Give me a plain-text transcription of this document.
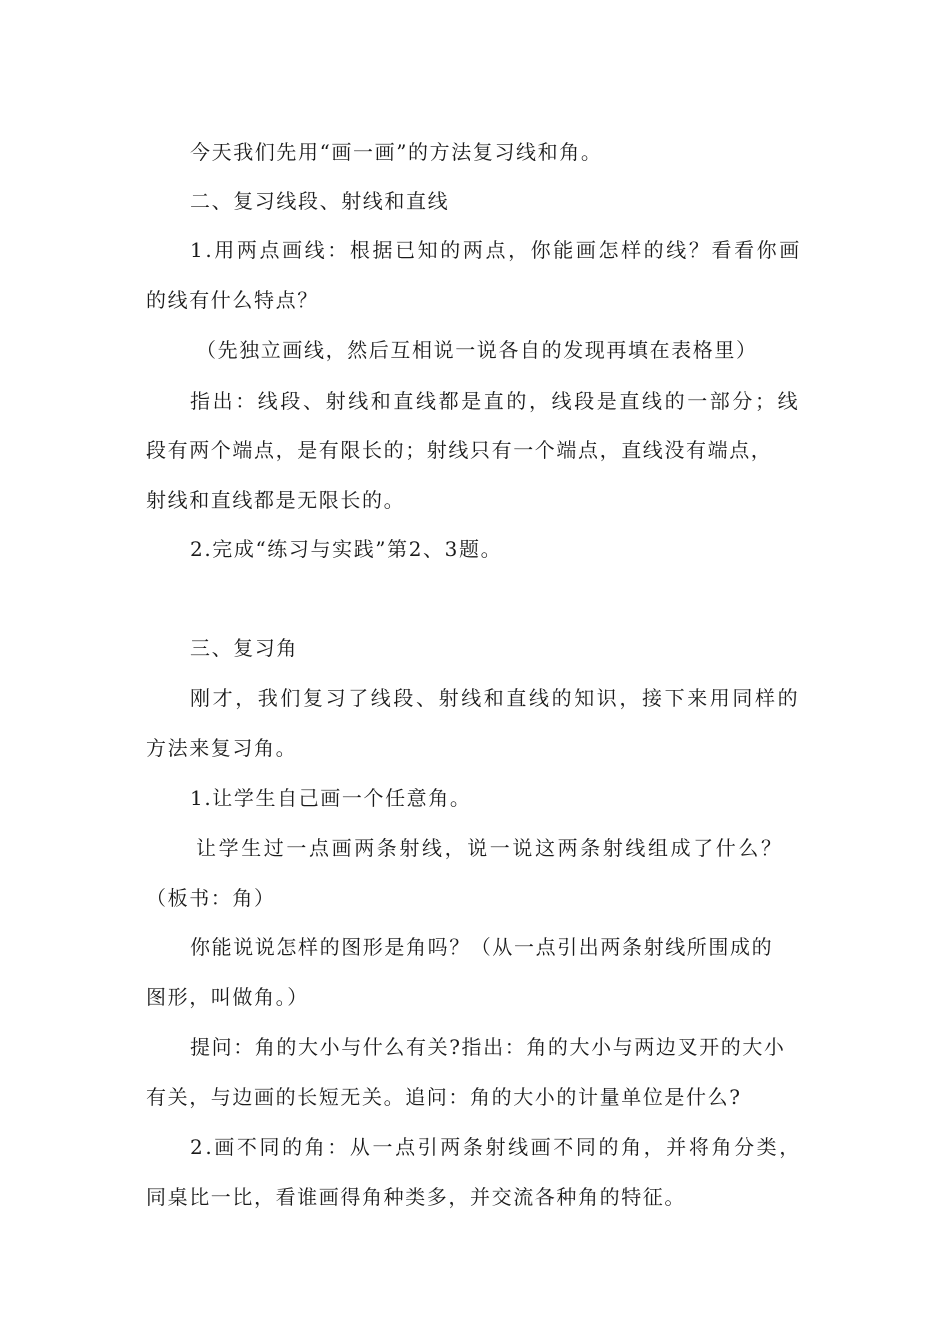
今天我们先用“画一画”的方法复习线和角。
二、复习线段、射线和直线
1.用两点画线：根据已知的两点，你能画怎样的线？看看你画
的线有什么特点？
（先独立画线，然后互相说一说各自的发现再填在表格里）
指出：线段、射线和直线都是直的，线段是直线的一部分；线
段有两个端点，是有限长的；射线只有一个端点，直线没有端点，
射线和直线都是无限长的。
2.完成“练习与实践”第2、3题。
三、复习角
刚才，我们复习了线段、射线和直线的知识，接下来用同样的
方法来复习角。
1.让学生自己画一个任意角。
让学生过一点画两条射线，说一说这两条射线组成了什么？
（板书：角）
你能说说怎样的图形是角吗？（从一点引出两条射线所围成的
图形，叫做角。）
提问：角的大小与什么有关?指出：角的大小与两边叉开的大小
有关，与边画的长短无关。追问：角的大小的计量单位是什么?
2.画不同的角：从一点引两条射线画不同的角，并将角分类，
同桌比一比，看谁画得角种类多，并交流各种角的特征。
